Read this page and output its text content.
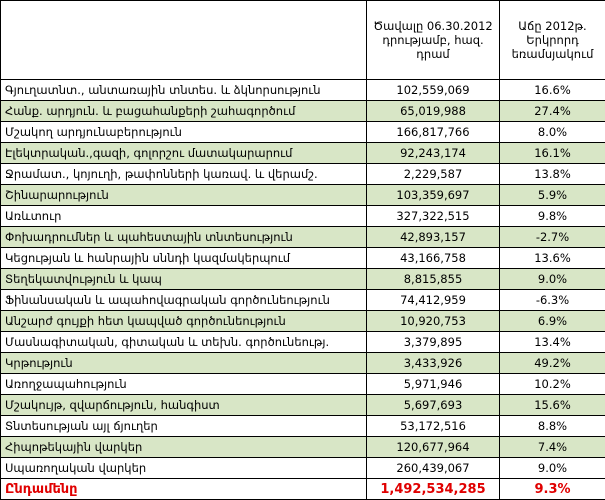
	Ծավալը 06.30.2012 դրությամբ, հազ. դրամ	Աճը 2012թ. Երկրորդ եռամսյակում
Գյուղատնտ., անտառային տնտես. և ձկնորսություն	102,559,069	16.6%
Հանք. արդյուն. և բացահանքերի շահագործում	65,019,988	27.4%
Մշակող արդյունաբերություն	166,817,766	8.0%
Էլեկտրական.,գազի, գոլորշու մատակարարում	92,243,174	16.1%
Ջրամատ., կոյուղի, թափոնների կառավ. և վերամշ.	2,229,587	13.8%
Շինարարություն	103,359,697	5.9%
Առևտուր	327,322,515	9.8%
Փոխադրումներ և պահեստային տնտեսություն	42,893,157	-2.7%
Կեցության և հանրային սննդի կազմակերպում	43,166,758	13.6%
Տեղեկատվություն և կապ	8,815,855	9.0%
Ֆինանսական և ապահովագրական գործունեություն	74,412,959	-6.3%
Անշարժ գույքի հետ կապված գործունեություն	10,920,753	6.9%
Մասնագիտական, գիտական և տեխն. գործունեությ.	3,379,895	13.4%
Կրթություն	3,433,926	49.2%
Առողջապահություն	5,971,946	10.2%
Մշակույթ, զվարճություն, հանգիստ	5,697,693	15.6%
Տնտեսության այլ ճյուղեր	53,172,516	8.8%
Հիպոթեկային վարկեր	120,677,964	7.4%
Սպառողական վարկեր	260,439,067	9.0%
Ընդամենը	1,492,534,285	9.3%
